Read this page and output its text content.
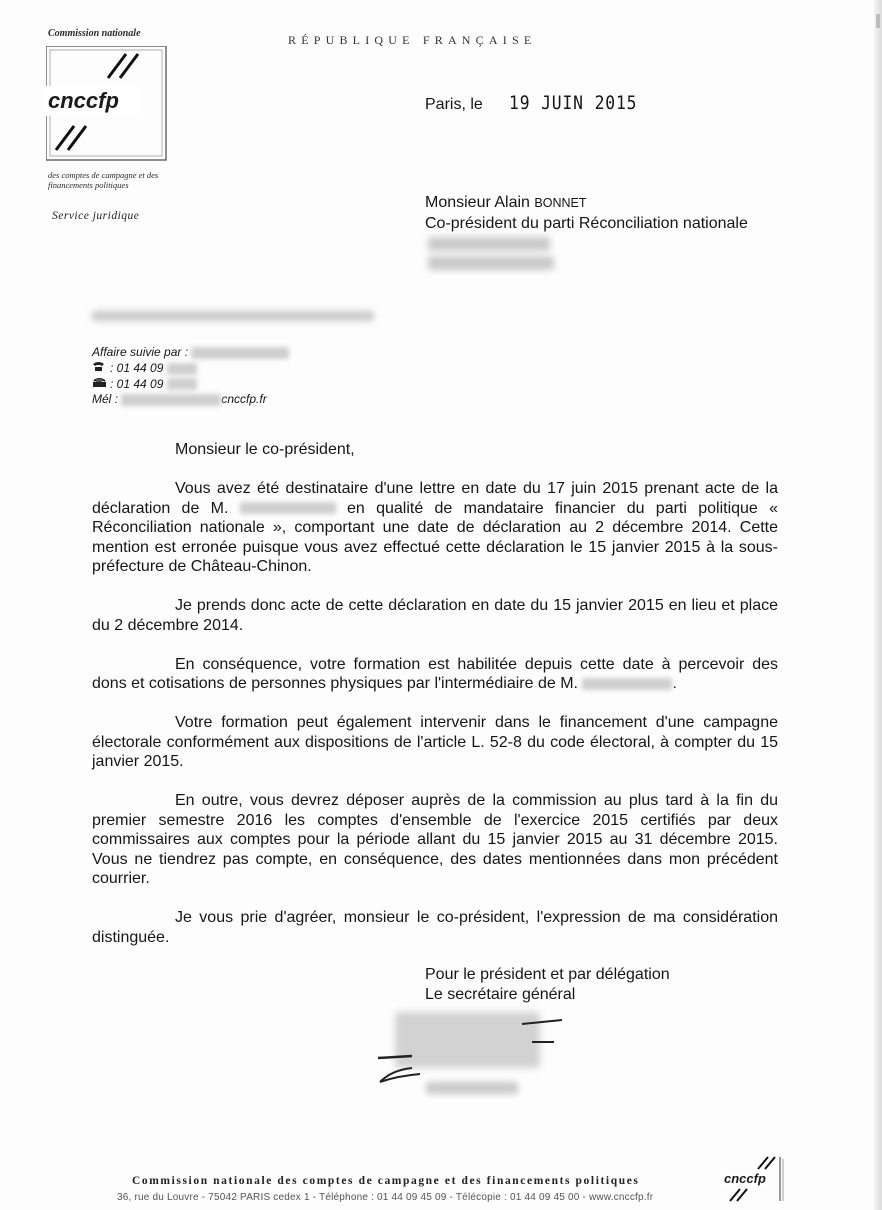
Commission nationale
cnccfp
des comptes de campagne et des financements politiques
Service juridique
RÉPUBLIQUE FRANÇAISE
Paris, le 19 JUIN 2015
Monsieur Alain BONNET
Co-président du parti Réconciliation nationale
Affaire suivie par :
: 01 44 09
: 01 44 09
Mél :	cnccfp.fr

Monsieur le co-président,

Vous avez été destinataire d'une lettre en date du 17 juin 2015 prenant acte de la déclaration de M.	en qualité de mandataire financier du parti politique « Réconciliation nationale », comportant une date de déclaration au 2 décembre 2014. Cette mention est erronée puisque vous avez effectué cette déclaration le 15 janvier 2015 à la sous-préfecture de Château-Chinon.

Je prends donc acte de cette déclaration en date du 15 janvier 2015 en lieu et place du 2 décembre 2014.

En conséquence, votre formation est habilitée depuis cette date à percevoir des dons et cotisations de personnes physiques par l'intermédiaire de M.	.

Votre formation peut également intervenir dans le financement d'une campagne électorale conformément aux dispositions de l'article L. 52-8 du code électoral, à compter du 15 janvier 2015.

En outre, vous devrez déposer auprès de la commission au plus tard à la fin du premier semestre 2016 les comptes d'ensemble de l'exercice 2015 certifiés par deux commissaires aux comptes pour la période allant du 15 janvier 2015 au 31 décembre 2015. Vous ne tiendrez pas compte, en conséquence, des dates mentionnées dans mon précédent courrier.

Je vous prie d'agréer, monsieur le co-président, l'expression de ma considération distinguée.

Pour le président et par délégation
Le secrétaire général
Commission nationale des comptes de campagne et des financements politiques
36, rue du Louvre - 75042 PARIS cedex 1 - Téléphone : 01 44 09 45 09 - Télécopie : 01 44 09 45 00 - www.cnccfp.fr
cnccfp
